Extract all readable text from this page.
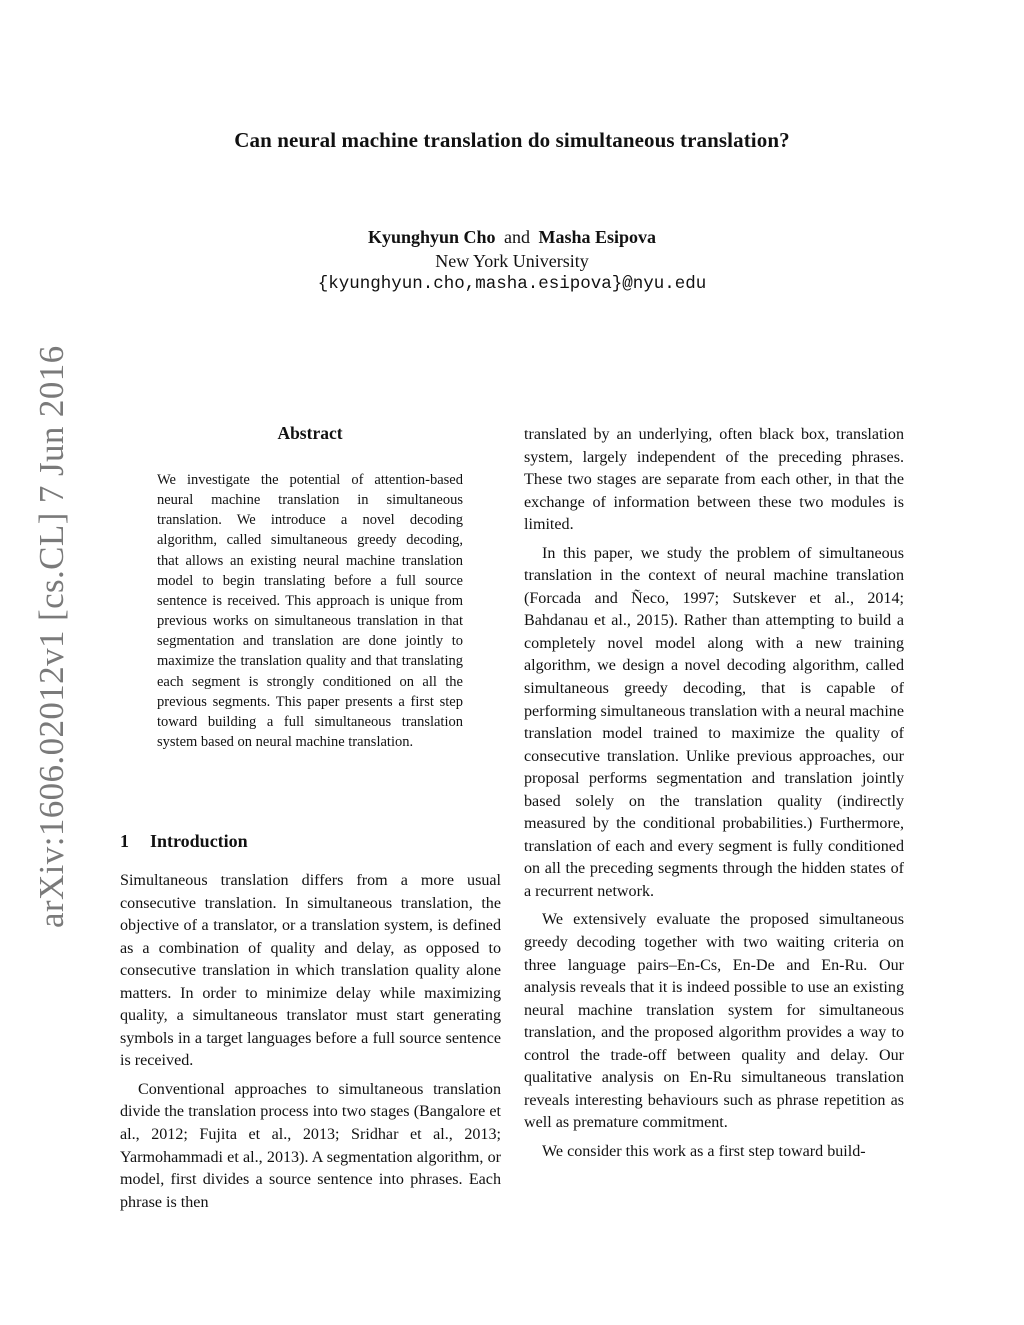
Can neural machine translation do simultaneous translation?
Kyunghyun Cho and Masha Esipova
New York University
{kyunghyun.cho,masha.esipova}@nyu.edu
arXiv:1606.02012v1 [cs.CL] 7 Jun 2016	Abstract
We investigate the potential of attention-based neural machine translation in simultaneous translation. We introduce a novel decoding algorithm, called simultaneous greedy decoding, that allows an existing neural machine translation model to begin translating before a full source sentence is received. This approach is unique from previous works on simultaneous translation in that segmentation and translation are done jointly to maximize the translation quality and that translating each segment is strongly conditioned on all the previous segments. This paper presents a first step toward building a full simultaneous translation system based on neural machine translation.
1 Introduction

Simultaneous translation differs from a more usual consecutive translation. In simultaneous translation, the objective of a translator, or a translation system, is defined as a combination of quality and delay, as opposed to consecutive translation in which translation quality alone matters. In order to minimize delay while maximizing quality, a simultaneous translator must start generating symbols in a target languages before a full source sentence is received.

Conventional approaches to simultaneous translation divide the translation process into two stages (Bangalore et al., 2012; Fujita et al., 2013; Sridhar et al., 2013; Yarmohammadi et al., 2013). A segmentation algorithm, or model, first divides a source sentence into phrases. Each phrase is then

translated by an underlying, often black box, translation system, largely independent of the preceding phrases. These two stages are separate from each other, in that the exchange of information between these two modules is limited.

In this paper, we study the problem of simultaneous translation in the context of neural machine translation (Forcada and Ñeco, 1997; Sutskever et al., 2014; Bahdanau et al., 2015). Rather than attempting to build a completely novel model along with a new training algorithm, we design a novel decoding algorithm, called simultaneous greedy decoding, that is capable of performing simultaneous translation with a neural machine translation model trained to maximize the quality of consecutive translation. Unlike previous approaches, our proposal performs segmentation and translation jointly based solely on the translation quality (indirectly measured by the conditional probabilities.) Furthermore, translation of each and every segment is fully conditioned on all the preceding segments through the hidden states of a recurrent network.

We extensively evaluate the proposed simultaneous greedy decoding together with two waiting criteria on three language pairs–En-Cs, En-De and En-Ru. Our analysis reveals that it is indeed possible to use an existing neural machine translation system for simultaneous translation, and the proposed algorithm provides a way to control the trade-off between quality and delay. Our qualitative analysis on En-Ru simultaneous translation reveals interesting behaviours such as phrase repetition as well as premature commitment.

We consider this work as a first step toward build-
